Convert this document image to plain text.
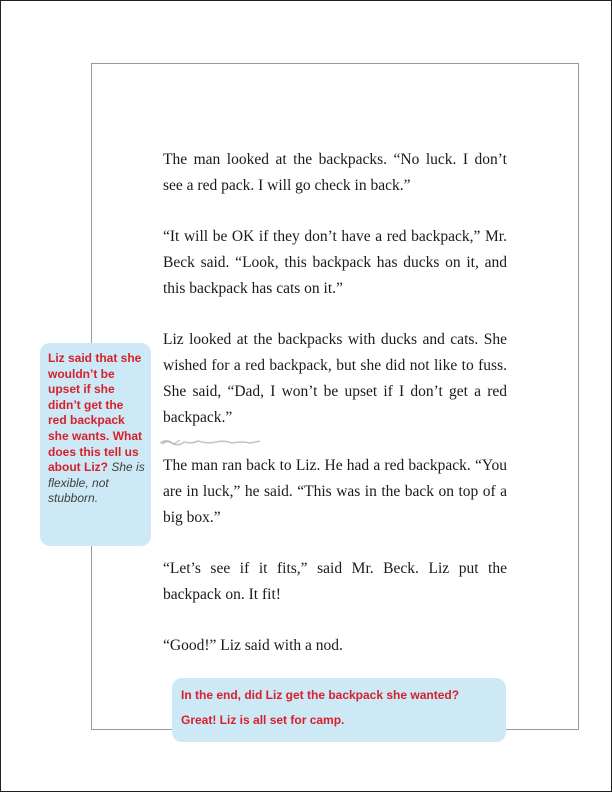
The man looked at the backpacks. “No luck. I don’t see a red pack. I will go check in back.”

“It will be OK if they don’t have a red backpack,” Mr. Beck said. “Look, this backpack has ducks on it, and this backpack has cats on it.”

Liz looked at the backpacks with ducks and cats. She wished for a red backpack, but she did not like to fuss. She said, “Dad, I won’t be upset if I don’t get a red backpack.”

The man ran back to Liz. He had a red backpack. “You are in luck,” he said. “This was in the back on top of a big box.”

“Let’s see if it fits,” said Mr. Beck. Liz put the backpack on. It fit!

“Good!” Liz said with a nod.

Liz said that she wouldn’t be upset if she didn’t get the red backpack she wants. What does this tell us about Liz? She is flexible, not stubborn.
In the end, did Liz get the backpack she wanted?
Great! Liz is all set for camp.
